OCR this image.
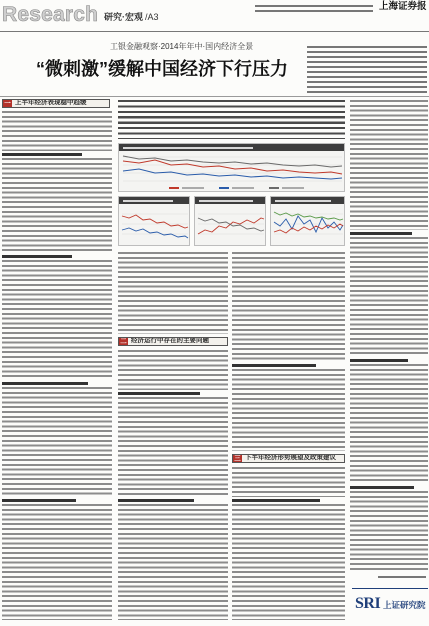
Research 研究·宏观 /A3
上海证券报
工银金融观察·2014年年中·国内经济全景
“微刺激”缓解中国经济下行压力
一 上半年经济表现稳中趋缓
二 经济运行中存在的主要问题
三 下半年经济形势展望及政策建议
SRI 上证研究院
